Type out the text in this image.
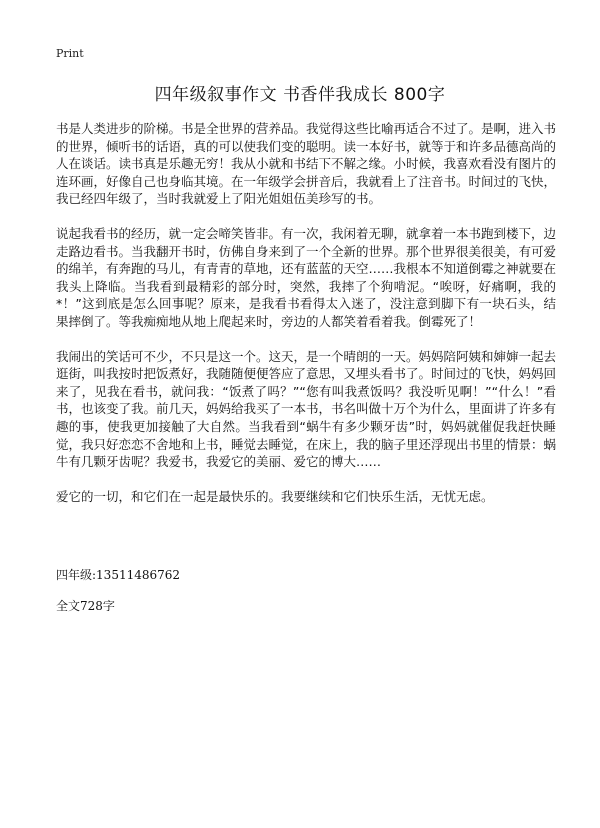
Print
四年级叙事作文 书香伴我成长 800字

书是人类进步的阶梯。书是全世界的营养品。我觉得这些比喻再适合不过了。是啊，进入书的世界，倾听书的话语，真的可以使我们变的聪明。读一本好书，就等于和许多品德高尚的人在谈话。读书真是乐趣无穷！我从小就和书结下不解之缘。小时候，我喜欢看没有图片的连环画，好像自己也身临其境。在一年级学会拼音后，我就看上了注音书。时间过的飞快，我已经四年级了，当时我就爱上了阳光姐姐伍美珍写的书。

说起我看书的经历，就一定会啼笑皆非。有一次，我闲着无聊，就拿着一本书跑到楼下，边走路边看书。当我翻开书时，仿佛自身来到了一个全新的世界。那个世界很美很美，有可爱的绵羊，有奔跑的马儿，有青青的草地，还有蓝蓝的天空……我根本不知道倒霉之神就要在我头上降临。当我看到最精彩的部分时，突然，我摔了个狗啃泥。“唉呀，好痛啊，我的*！”这到底是怎么回事呢？原来，是我看书看得太入迷了，没注意到脚下有一块石头，结果摔倒了。等我痴痴地从地上爬起来时，旁边的人都笑着看着我。倒霉死了！

我闹出的笑话可不少，不只是这一个。这天，是一个晴朗的一天。妈妈陪阿姨和婶婶一起去逛街，叫我按时把饭煮好，我随随便便答应了意思，又埋头看书了。时间过的飞快，妈妈回来了，见我在看书，就问我：“饭煮了吗？”“您有叫我煮饭吗？我没听见啊！”“什么！”看书，也该变了我。前几天，妈妈给我买了一本书，书名叫做十万个为什么，里面讲了许多有趣的事，使我更加接触了大自然。当我看到“蜗牛有多少颗牙齿”时，妈妈就催促我赶快睡觉，我只好恋恋不舍地和上书，睡觉去睡觉，在床上，我的脑子里还浮现出书里的情景：蜗牛有几颗牙齿呢？我爱书，我爱它的美丽、爱它的博大……

爱它的一切，和它们在一起是最快乐的。我要继续和它们快乐生活，无忧无虑。

四年级:13511486762
全文728字
